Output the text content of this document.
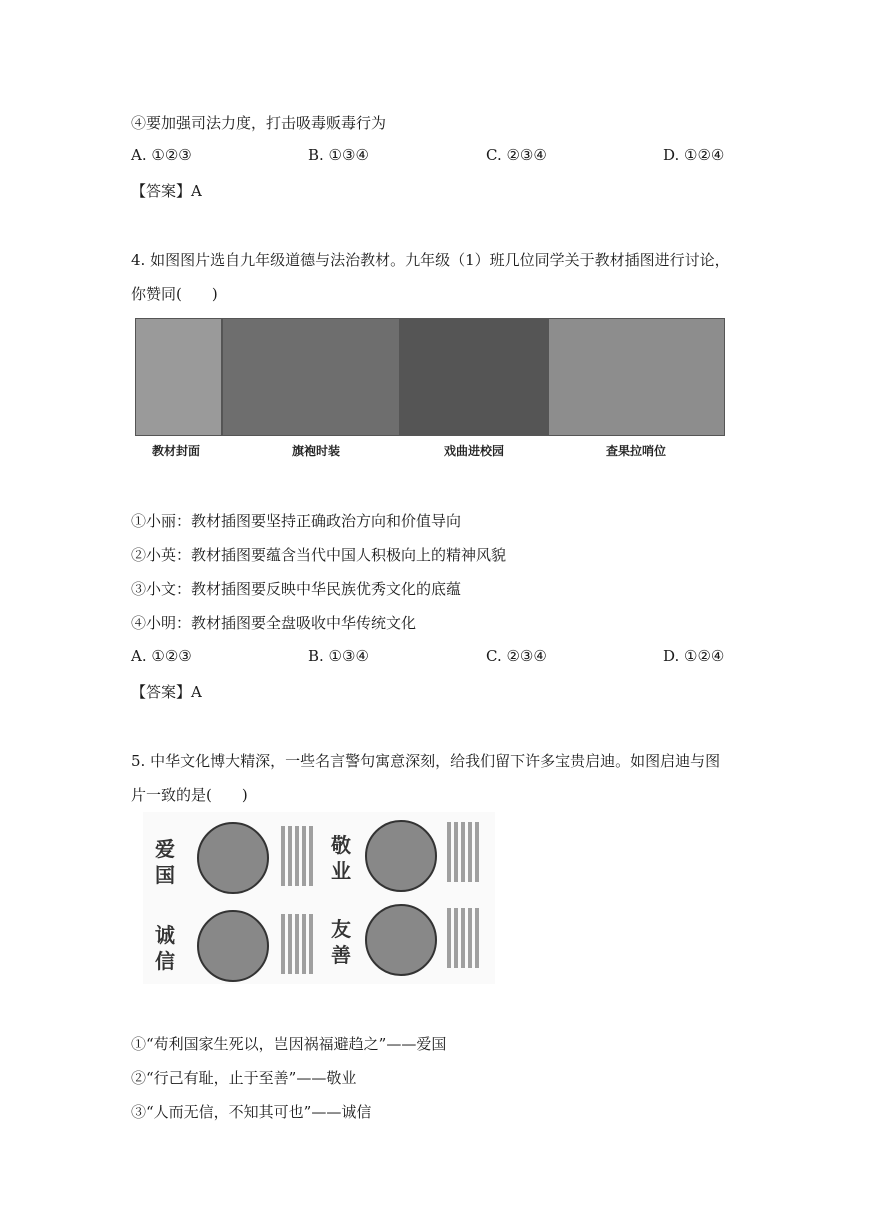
④要加强司法力度，打击吸毒贩毒行为
A. ①②③	B. ①③④	C. ②③④	D. ①②④
【答案】A
4. 如图图片选自九年级道德与法治教材。九年级（1）班几位同学关于教材插图进行讨论，
你赞同(　　)
教材封面	旗袍时装	戏曲进校园	查果拉哨位
①小丽：教材插图要坚持正确政治方向和价值导向
②小英：教材插图要蕴含当代中国人积极向上的精神风貌
③小文：教材插图要反映中华民族优秀文化的底蕴
④小明：教材插图要全盘吸收中华传统文化
A. ①②③	B. ①③④	C. ②③④	D. ①②④
【答案】A
5. 中华文化博大精深，一些名言警句寓意深刻，给我们留下许多宝贵启迪。如图启迪与图
片一致的是(　　)
爱国
敬业
诚信
友善
①“苟利国家生死以，岂因祸福避趋之”——爱国
②“行己有耻，止于至善”——敬业
③“人而无信，不知其可也”——诚信
